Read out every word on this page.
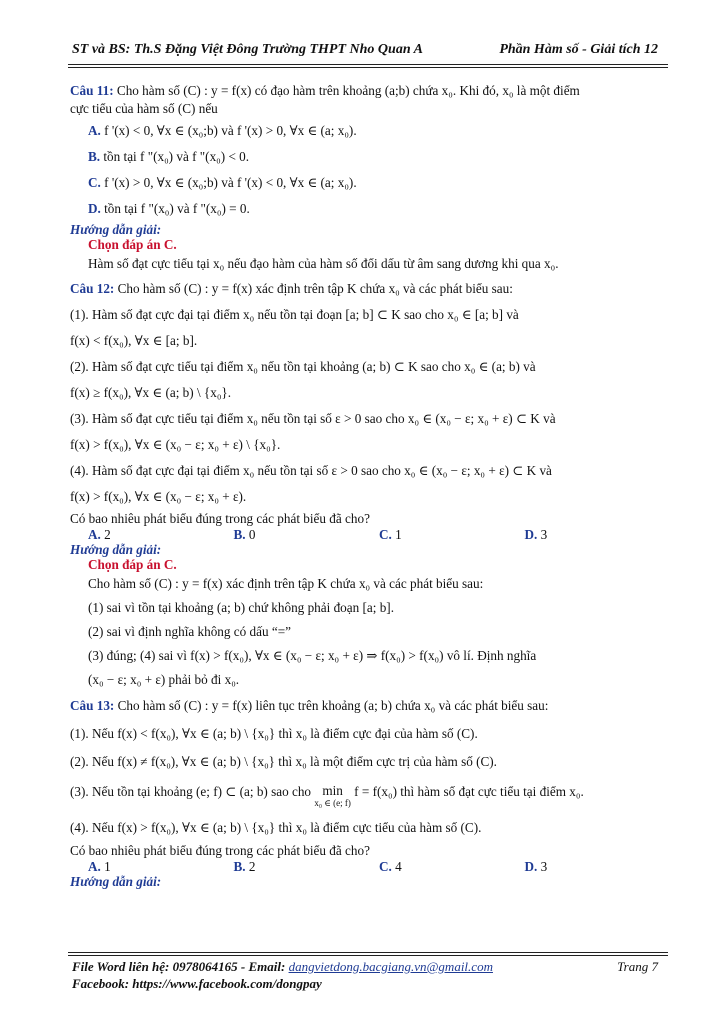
ST và BS: Th.S Đặng Việt Đông Trường THPT Nho Quan A	Phần Hàm số - Giải tích 12
Câu 11: Cho hàm số (C) : y = f(x) có đạo hàm trên khoảng (a;b) chứa x₀. Khi đó, x₀ là một điểm
cực tiểu của hàm số (C) nếu
A. f '(x) < 0, ∀x ∈ (x₀;b) và f '(x) > 0, ∀x ∈ (a; x₀).
B. tồn tại f "(x₀) và f "(x₀) < 0.
C. f '(x) > 0, ∀x ∈ (x₀;b) và f '(x) < 0, ∀x ∈ (a; x₀).
D. tồn tại f "(x₀) và f "(x₀) = 0.
Hướng dẫn giải:
Chọn đáp án C.
Hàm số đạt cực tiểu tại x₀ nếu đạo hàm của hàm số đổi dấu từ âm sang dương khi qua x₀.
Câu 12: Cho hàm số (C) : y = f(x) xác định trên tập K chứa x₀ và các phát biểu sau:
(1). Hàm số đạt cực đại tại điểm x₀ nếu tồn tại đoạn [a; b] ⊂ K sao cho x₀ ∈ [a; b] và
f(x) < f(x₀), ∀x ∈ [a; b].
(2). Hàm số đạt cực tiểu tại điểm x₀ nếu tồn tại khoảng (a; b) ⊂ K sao cho x₀ ∈ (a; b) và
f(x) ≥ f(x₀), ∀x ∈ (a; b) \ {x₀}.
(3). Hàm số đạt cực tiểu tại điểm x₀ nếu tồn tại số ε > 0 sao cho x₀ ∈ (x₀ − ε; x₀ + ε) ⊂ K và
f(x) > f(x₀), ∀x ∈ (x₀ − ε; x₀ + ε) \ {x₀}.
(4). Hàm số đạt cực đại tại điểm x₀ nếu tồn tại số ε > 0 sao cho x₀ ∈ (x₀ − ε; x₀ + ε) ⊂ K và
f(x) > f(x₀), ∀x ∈ (x₀ − ε; x₀ + ε).
Có bao nhiêu phát biểu đúng trong các phát biểu đã cho?
A. 2	B. 0	C. 1	D. 3
Hướng dẫn giải:
Chọn đáp án C.
Cho hàm số (C) : y = f(x) xác định trên tập K chứa x₀ và các phát biểu sau:
(1) sai vì tồn tại khoảng (a; b) chứ không phải đoạn [a; b].
(2) sai vì định nghĩa không có dấu “=”
(3) đúng; (4) sai vì f(x) > f(x₀), ∀x ∈ (x₀ − ε; x₀ + ε) ⇒ f(x₀) > f(x₀) vô lí. Định nghĩa
(x₀ − ε; x₀ + ε) phải bỏ đi x₀.
Câu 13: Cho hàm số (C) : y = f(x) liên tục trên khoảng (a; b) chứa x₀ và các phát biểu sau:
(1). Nếu f(x) < f(x₀), ∀x ∈ (a; b) \ {x₀} thì x₀ là điểm cực đại của hàm số (C).
(2). Nếu f(x) ≠ f(x₀), ∀x ∈ (a; b) \ {x₀} thì x₀ là một điểm cực trị của hàm số (C).
(3). Nếu tồn tại khoảng (e; f) ⊂ (a; b) sao cho min
x₀ ∈ (e; f)
f = f(x₀) thì hàm số đạt cực tiểu tại điểm x₀.
(4). Nếu f(x) > f(x₀), ∀x ∈ (a; b) \ {x₀} thì x₀ là điểm cực tiểu của hàm số (C).
Có bao nhiêu phát biểu đúng trong các phát biểu đã cho?
A. 1	B. 2	C. 4	D. 3
Hướng dẫn giải:
File Word liên hệ: 0978064165 - Email: dangvietdong.bacgiang.vn@gmail.com	Trang 7
Facebook: https://www.facebook.com/dongpay
